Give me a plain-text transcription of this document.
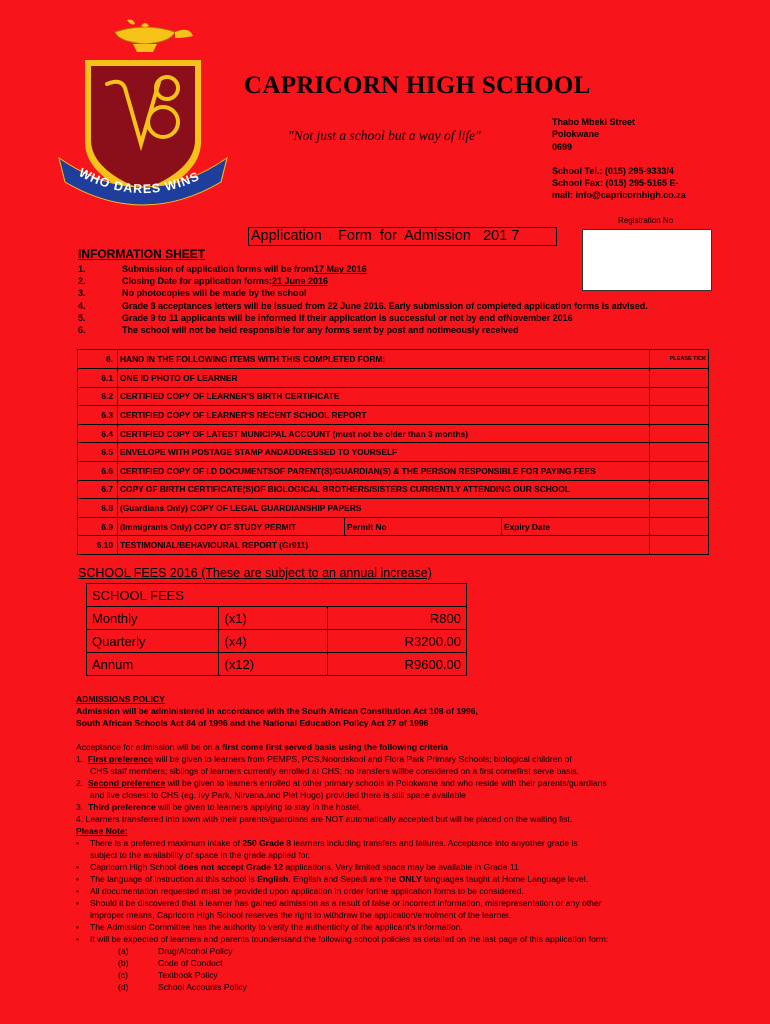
WHO DARES WINS
CAPRICORN HIGH SCHOOL
"Not just a school but a way of life"
Thabo Mbeki Street
Polokwane
0699
School Tel.: (015) 295-9333/4
School Fax: (015) 295-5165 E-
mail: info@capricornhigh.co.za
Registration No
Application    Form  for  Admission   201 7
INFORMATION SHEET
1.	Submission of application forms will be from 17 May 2016
2.	Closing Date for application forms: 21 June 2016
3.	No photocopies will be made by the school
4.	Grade 8 acceptances letters will be issued from 22 June 2016. Early submission of completed application forms is advised.
5.	Grade 9 to 11 applicants will be informed if their application is successful or not by end ofNovember 2016
6.	The school will not be held responsible for any forms sent by post and notimeously received
6.	HAND IN THE FOLLOWING ITEMS WITH THIS COMPLETED FORM:			PLEASE TICK
6.1	ONE ID PHOTO OF LEARNER			
6.2	CERTIFIED COPY OF LEARNER'S BIRTH CERTIFICATE			
6.3	CERTIFIED COPY OF LEARNER'S RECENT SCHOOL REPORT			
6.4	CERTIFIED COPY OF LATEST MUNICIPAL ACCOUNT (must not be older than 3 months)			
6.5	ENVELOPE WITH POSTAGE STAMP ANDADDRESSED TO YOURSELF			
6.6	CERTIFIED COPY OF I.D DOCUMENTSOF PARENT(S)/GUARDIAN(S) & THE PERSON RESPONSIBLE FOR PAYING FEES			
6.7	COPY OF BIRTH CERTIFICATE(S)OF BIOLOGICAL BROTHERS/SISTERS CURRENTLY ATTENDING OUR SCHOOL			
6.8	(Guardians Only) COPY OF LEGAL GUARDIANSHIP PAPERS			
6.9	(Immigrants Only) COPY OF STUDY PERMIT	Permit No	Expiry Date	
6.10	TESTIMONIAL/BEHAVIOURAL REPORT (Gr911)			
SCHOOL FEES 2016 (These are subject to an annual increase)
SCHOOL FEES		
Monthly	(x1)	R800
Quarterly	(x4)	R3200.00
Annum	(x12)	R9600.00
ADMISSIONS POLICY
Admission will be administered in accordance with the South African Constitution Act 108 of 1996,
South African Schools Act 84 of 1996 and the National Education Policy Act 27 of 1996
Acceptance for admission will be on a first come first served basis using the following criteria
1.  First preference will be given to learners from PEMPS, PCS,Noordskool and Flora Park Primary Schools; biological children of
CHS staff members; siblings of learners currently enrolled at CHS; no transfers willbe considered on a first comefirst serve basis.
2.  Second preference will be given to learners enrolled at other primary schools in Polokwane and who reside with their parents/guardians
and live closest to CHS (eg. Ivy Park, Nirvana,and Piet Hugo) provided there is still space available
3.  Third preference will be given to learners applying to stay in the hostel.
4. Learners transferred into town with their parents/guardians are NOT automatically accepted but will be placed on the waiting list.
Please Note:
• There is a preferred maximum intake of 250 Grade 8 learners including transfers and failures. Acceptance into anyother grade is
subject to the availability of space in the grade applied for.
• Capricorn High School does not accept Grade 12 applications. Very limited space may be available in Grade 11
• The language of instruction at this school is English. English and Sepedi are the ONLY languages taught at Home Language level.
• All documentation requested must be provided upon application in order forthe application forms to be considered.
• Should it be discovered that a learner has gained admission as a result of false or incorrect information, misrepresentation or any other
improper means, Capricorn High School reserves the right to withdraw the application/enrolment of the learner.
• The Admission Committee has the authority to verify the authenticity of the applicant's information.
• It will be expected of learners and parents tounderstand the following school policies as detailed on the last page of this application form:
(a)	Drug/Alcohol Policy
(b)	Code of Conduct
(c)	Textbook Policy
(d)	School Accounts Policy
